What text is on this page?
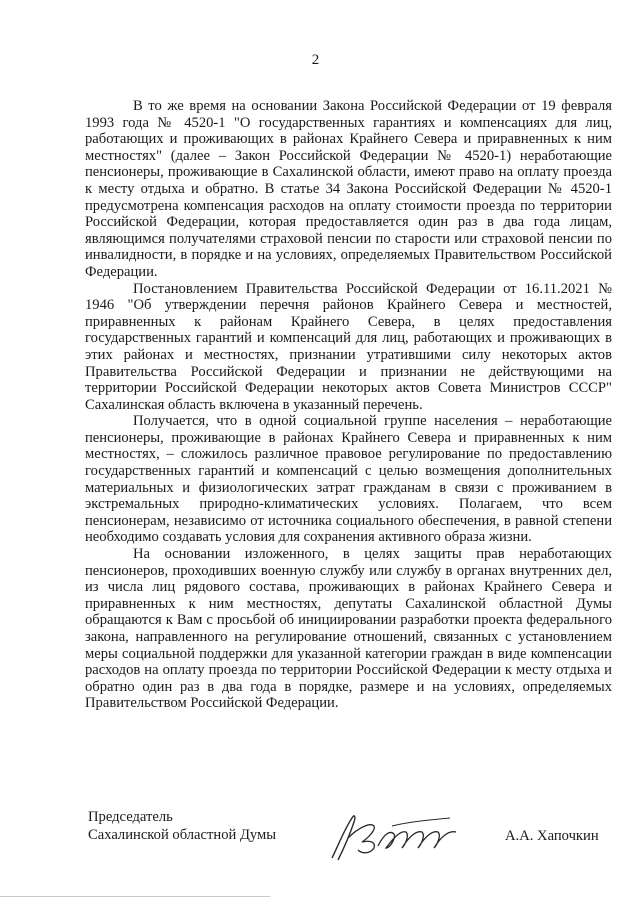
2

В то же время на основании Закона Российской Федерации от 19 февраля 1993 года № 4520-1 "О государственных гарантиях и компенсациях для лиц, работающих и проживающих в районах Крайнего Севера и приравненных к ним местностях" (далее – Закон Российской Федерации № 4520-1) неработающие пенсионеры, проживающие в Сахалинской области, имеют право на оплату проезда к месту отдыха и обратно. В статье 34 Закона Российской Федерации № 4520-1 предусмотрена компенсация расходов на оплату стоимости проезда по территории Российской Федерации, которая предоставляется один раз в два года лицам, являющимся получателями страховой пенсии по старости или страховой пенсии по инвалидности, в порядке и на условиях, определяемых Правительством Российской Федерации.

Постановлением Правительства Российской Федерации от 16.11.2021 № 1946 "Об утверждении перечня районов Крайнего Севера и местностей, приравненных к районам Крайнего Севера, в целях предоставления государственных гарантий и компенсаций для лиц, работающих и проживающих в этих районах и местностях, признании утратившими силу некоторых актов Правительства Российской Федерации и признании не действующими на территории Российской Федерации некоторых актов Совета Министров СССР" Сахалинская область включена в указанный перечень.

Получается, что в одной социальной группе населения – неработающие пенсионеры, проживающие в районах Крайнего Севера и приравненных к ним местностях, – сложилось различное правовое регулирование по предоставлению государственных гарантий и компенсаций с целью возмещения дополнительных материальных и физиологических затрат гражданам в связи с проживанием в экстремальных природно-климатических условиях. Полагаем, что всем пенсионерам, независимо от источника социального обеспечения, в равной степени необходимо создавать условия для сохранения активного образа жизни.

На основании изложенного, в целях защиты прав неработающих пенсионеров, проходивших военную службу или службу в органах внутренних дел, из числа лиц рядового состава, проживающих в районах Крайнего Севера и приравненных к ним местностях, депутаты Сахалинской областной Думы обращаются к Вам с просьбой об инициировании разработки проекта федерального закона, направленного на регулирование отношений, связанных с установлением меры социальной поддержки для указанной категории граждан в виде компенсации расходов на оплату проезда по территории Российской Федерации к месту отдыха и обратно один раз в два года в порядке, размере и на условиях, определяемых Правительством Российской Федерации.

Председатель
Сахалинской областной Думы	А.А. Хапочкин
